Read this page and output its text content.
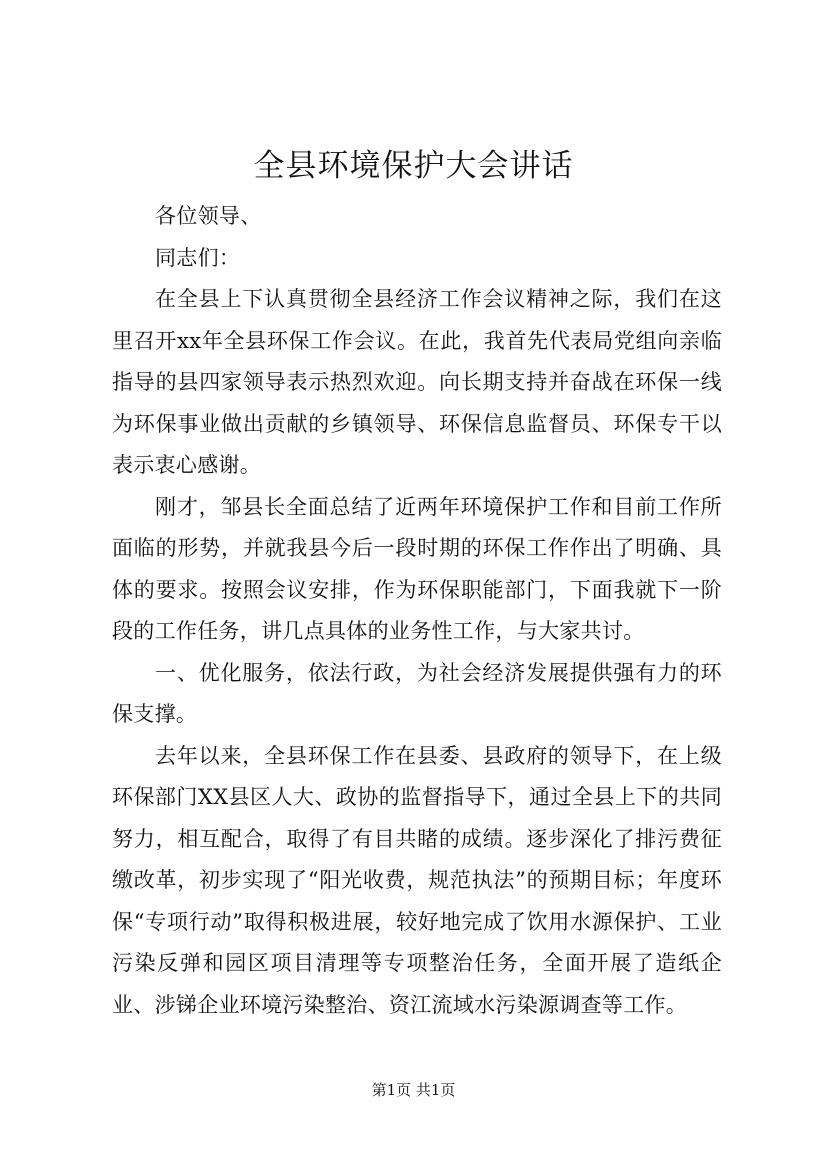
全县环境保护大会讲话

各位领导、

同志们：

在全县上下认真贯彻全县经济工作会议精神之际，我们在这里召开xx年全县环保工作会议。在此，我首先代表局党组向亲临指导的县四家领导表示热烈欢迎。向长期支持并奋战在环保一线为环保事业做出贡献的乡镇领导、环保信息监督员、环保专干以表示衷心感谢。

刚才，邹县长全面总结了近两年环境保护工作和目前工作所面临的形势，并就我县今后一段时期的环保工作作出了明确、具体的要求。按照会议安排，作为环保职能部门，下面我就下一阶段的工作任务，讲几点具体的业务性工作，与大家共讨。

一、优化服务，依法行政，为社会经济发展提供强有力的环保支撑。

去年以来，全县环保工作在县委、县政府的领导下，在上级环保部门XX县区人大、政协的监督指导下，通过全县上下的共同努力，相互配合，取得了有目共睹的成绩。逐步深化了排污费征缴改革，初步实现了“阳光收费，规范执法”的预期目标；年度环保“专项行动”取得积极进展，较好地完成了饮用水源保护、工业污染反弹和园区项目清理等专项整治任务，全面开展了造纸企业、涉锑企业环境污染整治、资江流域水污染源调查等工作。

第1页 共1页
